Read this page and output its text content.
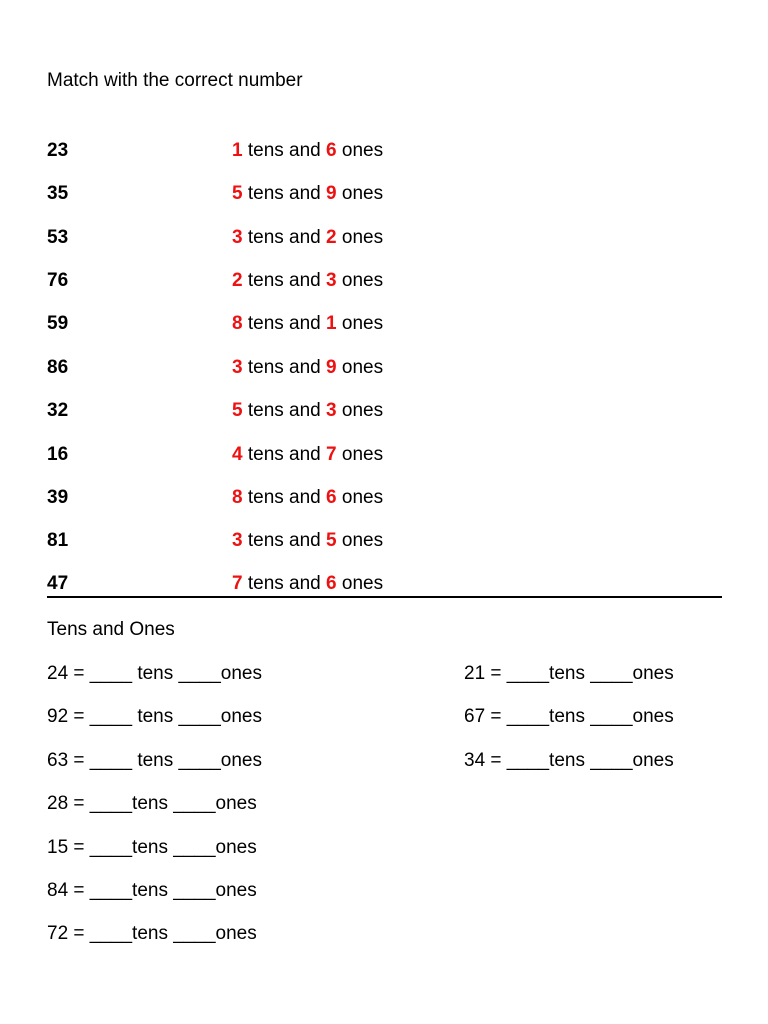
Match with the correct number
23	1 tens and 6 ones
35	5 tens and 9 ones
53	3 tens and 2 ones
76	2 tens and 3 ones
59	8 tens and 1 ones
86	3 tens and 9 ones
32	5 tens and 3 ones
16	4 tens and 7 ones
39	8 tens and 6 ones
81	3 tens and 5 ones
47	7 tens and 6 ones
Tens and Ones
24 = ____ tens ____ones
92 = ____ tens ____ones
63 = ____ tens ____ones
28 = ____tens ____ones
15 = ____tens ____ones
84 = ____tens ____ones
72 = ____tens ____ones
21 = ____tens ____ones
67 = ____tens ____ones
34 = ____tens ____ones
